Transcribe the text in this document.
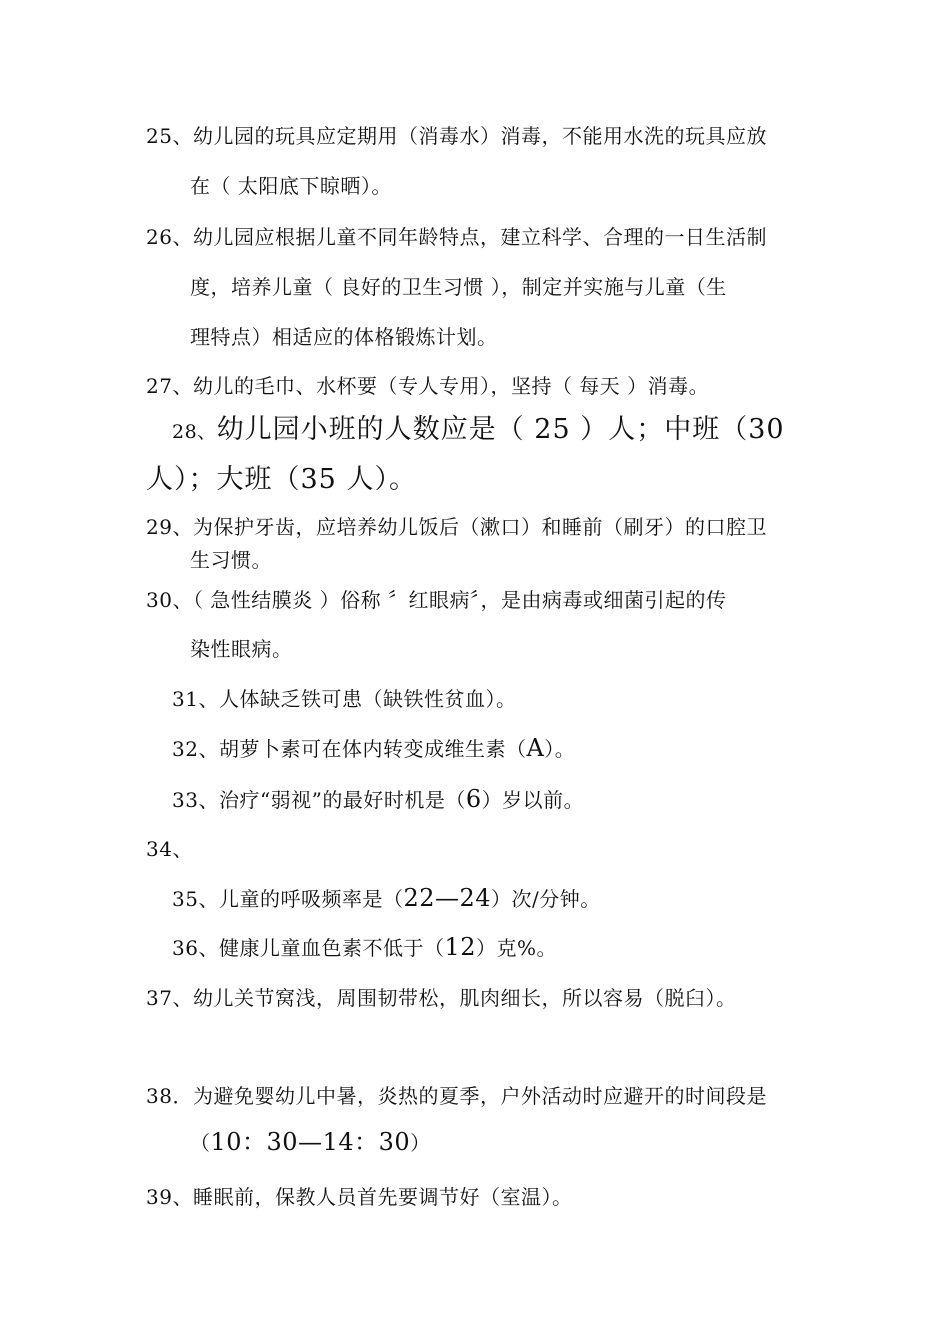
25、幼儿园的玩具应定期用（消毒水）消毒，不能用水洗的玩具应放
在（ 太阳底下晾晒）。
26、幼儿园应根据儿童不同年龄特点，建立科学、合理的一日生活制
度，培养儿童（ 良好的卫生习惯 ），制定并实施与儿童（生
理特点）相适应的体格锻炼计划。
27、幼儿的毛巾、水杯要（专人专用），坚持（ 每天 ）消毒。
28、幼儿园小班的人数应是（ 25 ）人；中班（30
人）；大班（35 人）。
29、为保护牙齿，应培养幼儿饭后（漱口）和睡前（刷牙）的口腔卫
生习惯。
30、（ 急性结膜炎 ）俗称 〞红眼病〞，是由病毒或细菌引起的传
染性眼病。
31、人体缺乏铁可患（缺铁性贫血）。
32、胡萝卜素可在体内转变成维生素（A）。
33、治疗“弱视”的最好时机是（6）岁以前。
34、
35、儿童的呼吸频率是（22—24）次/分钟。
36、健康儿童血色素不低于（12）克%。
37、幼儿关节窝浅，周围韧带松，肌肉细长，所以容易（脱臼）。
38．为避免婴幼儿中暑，炎热的夏季，户外活动时应避开的时间段是
（10：30—14：30）
39、睡眠前，保教人员首先要调节好（室温）。
